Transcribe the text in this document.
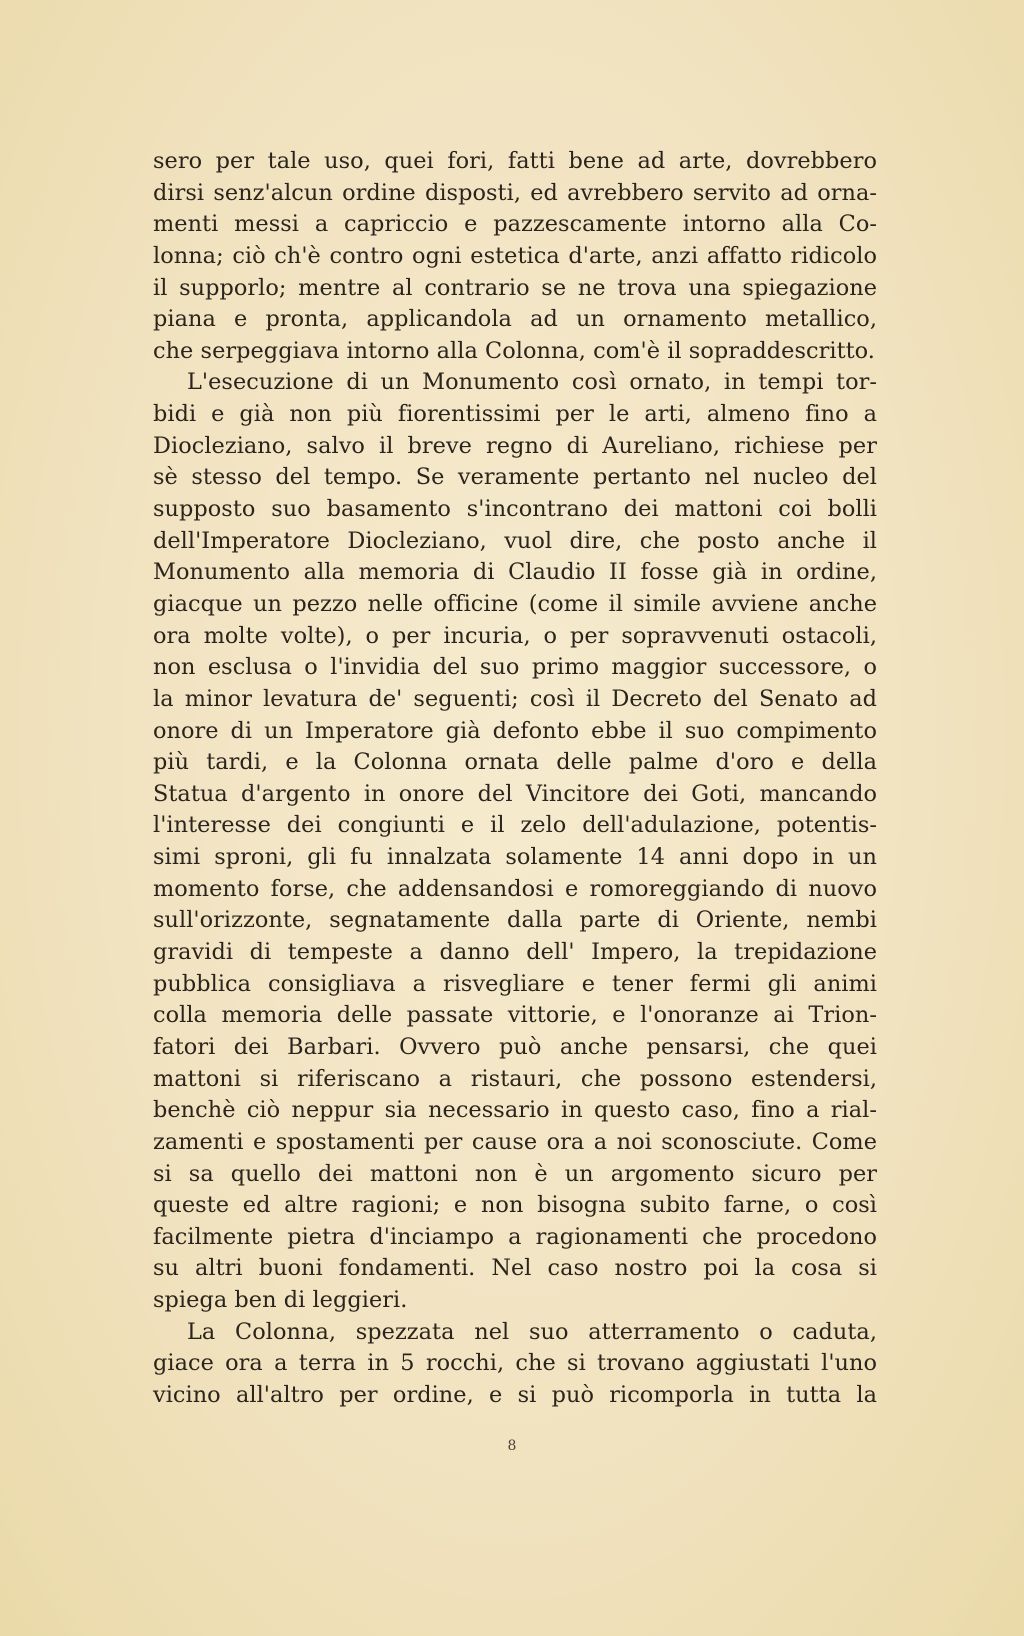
sero per tale uso, quei fori, fatti bene ad arte, dovrebbero
dirsi senz'alcun ordine disposti, ed avrebbero servito ad orna-
menti messi a capriccio e pazzescamente intorno alla Co-
lonna; ciò ch'è contro ogni estetica d'arte, anzi affatto ridicolo
il supporlo; mentre al contrario se ne trova una spiegazione
piana e pronta, applicandola ad un ornamento metallico,
che serpeggiava intorno alla Colonna, com'è il sopraddescritto.
L'esecuzione di un Monumento così ornato, in tempi tor-
bidi e già non più fiorentissimi per le arti, almeno fino a
Diocleziano, salvo il breve regno di Aureliano, richiese per
sè stesso del tempo. Se veramente pertanto nel nucleo del
supposto suo basamento s'incontrano dei mattoni coi bolli
dell'Imperatore Diocleziano, vuol dire, che posto anche il
Monumento alla memoria di Claudio II fosse già in ordine,
giacque un pezzo nelle officine (come il simile avviene anche
ora molte volte), o per incuria, o per sopravvenuti ostacoli,
non esclusa o l'invidia del suo primo maggior successore, o
la minor levatura de' seguenti; così il Decreto del Senato ad
onore di un Imperatore già defonto ebbe il suo compimento
più tardi, e la Colonna ornata delle palme d'oro e della
Statua d'argento in onore del Vincitore dei Goti, mancando
l'interesse dei congiunti e il zelo dell'adulazione, potentis-
simi sproni, gli fu innalzata solamente 14 anni dopo in un
momento forse, che addensandosi e romoreggiando di nuovo
sull'orizzonte, segnatamente dalla parte di Oriente, nembi
gravidi di tempeste a danno dell' Impero, la trepidazione
pubblica consigliava a risvegliare e tener fermi gli animi
colla memoria delle passate vittorie, e l'onoranze ai Trion-
fatori dei Barbari. Ovvero può anche pensarsi, che quei
mattoni si riferiscano a ristauri, che possono estendersi,
benchè ciò neppur sia necessario in questo caso, fino a rial-
zamenti e spostamenti per cause ora a noi sconosciute. Come
si sa quello dei mattoni non è un argomento sicuro per
queste ed altre ragioni; e non bisogna subito farne, o così
facilmente pietra d'inciampo a ragionamenti che procedono
su altri buoni fondamenti. Nel caso nostro poi la cosa si
spiega ben di leggieri.
La Colonna, spezzata nel suo atterramento o caduta,
giace ora a terra in 5 rocchi, che si trovano aggiustati l'uno
vicino all'altro per ordine, e si può ricomporla in tutta la
8
